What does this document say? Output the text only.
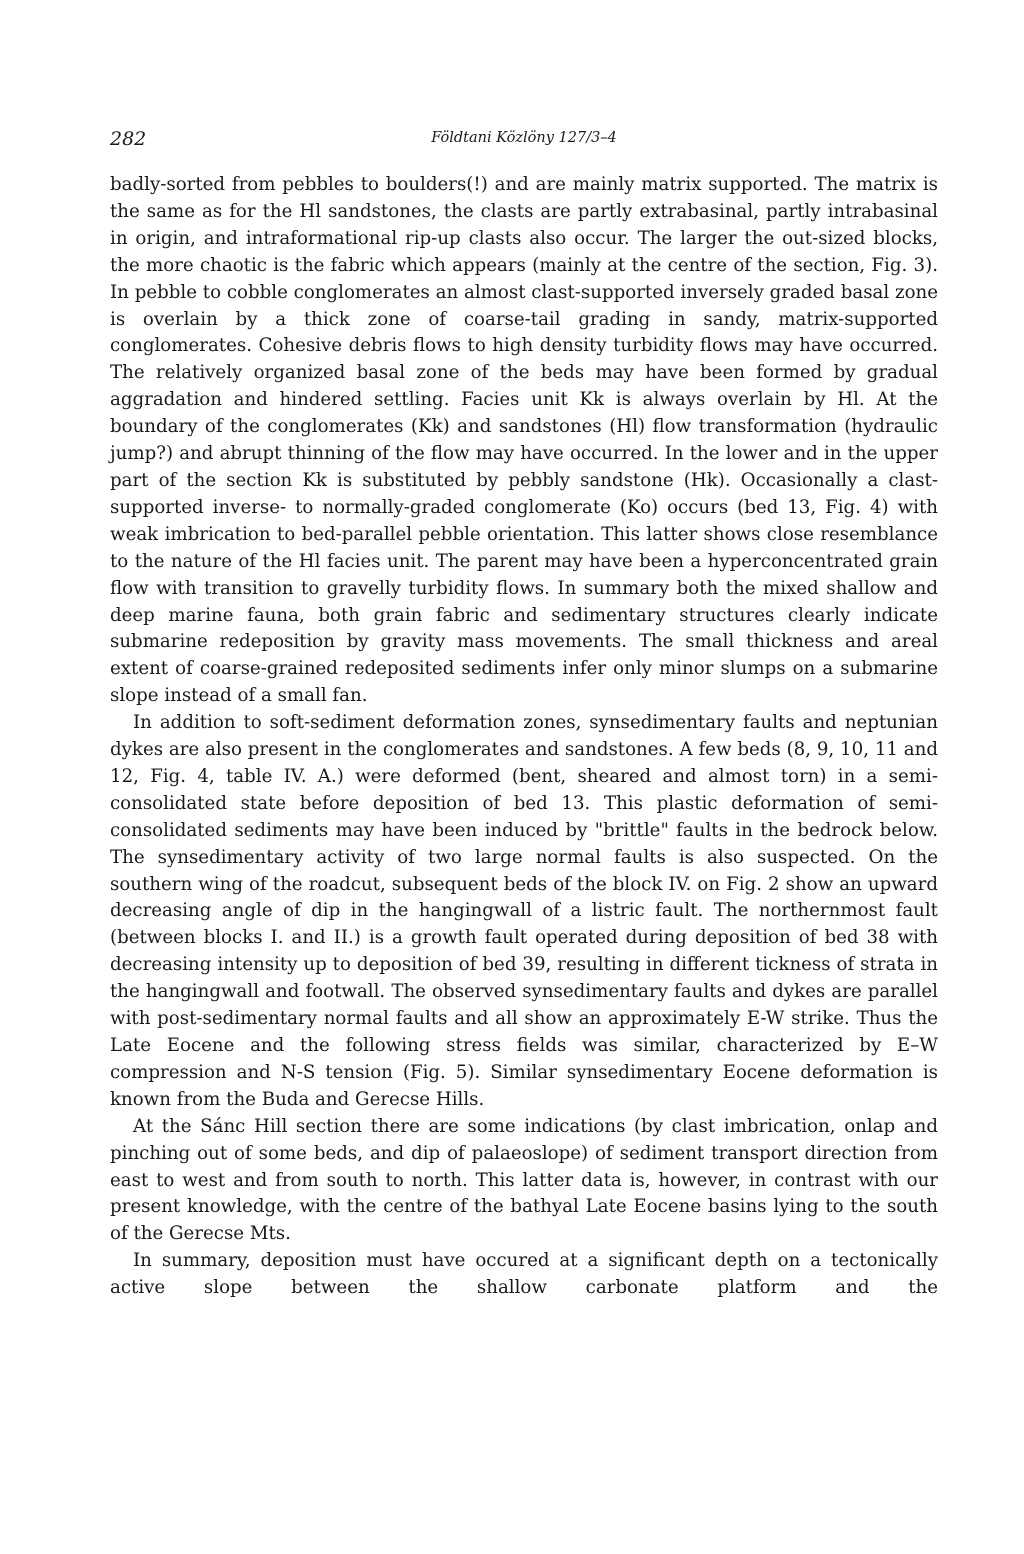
282	Földtani Közlöny 127/3–4

badly-sorted from pebbles to boulders(!) and are mainly matrix supported. The matrix is the same as for the Hl sandstones, the clasts are partly extrabasinal, partly intrabasinal in origin, and intraformational rip-up clasts also occur. The larger the out-sized blocks, the more chaotic is the fabric which appears (mainly at the centre of the section, Fig. 3). In pebble to cobble conglomerates an almost clast-supported inversely graded basal zone is overlain by a thick zone of coarse-tail grading in sandy, matrix-supported conglomerates. Cohesive debris flows to high density turbidity flows may have occurred. The relatively organized basal zone of the beds may have been formed by gradual aggradation and hindered settling. Facies unit Kk is always overlain by Hl. At the boundary of the conglomerates (Kk) and sandstones (Hl) flow transformation (hydraulic jump?) and abrupt thinning of the flow may have occurred. In the lower and in the upper part of the section Kk is substituted by pebbly sandstone (Hk). Occasionally a clast-supported inverse- to normally-graded conglomerate (Ko) occurs (bed 13, Fig. 4) with weak imbrication to bed-parallel pebble orientation. This latter shows close resemblance to the nature of the Hl facies unit. The parent may have been a hyperconcentrated grain flow with transition to gravelly turbidity flows. In summary both the mixed shallow and deep marine fauna, both grain fabric and sedimentary structures clearly indicate submarine redeposition by gravity mass movements. The small thickness and areal extent of coarse-grained redeposited sediments infer only minor slumps on a submarine slope instead of a small fan.

In addition to soft-sediment deformation zones, synsedimentary faults and neptunian dykes are also present in the conglomerates and sandstones. A few beds (8, 9, 10, 11 and 12, Fig. 4, table IV. A.) were deformed (bent, sheared and almost torn) in a semi-consolidated state before deposition of bed 13. This plastic deformation of semi-consolidated sediments may have been induced by "brittle" faults in the bedrock below. The synsedimentary activity of two large normal faults is also suspected. On the southern wing of the roadcut, subsequent beds of the block IV. on Fig. 2 show an upward decreasing angle of dip in the hangingwall of a listric fault. The northernmost fault (between blocks I. and II.) is a growth fault operated during deposition of bed 38 with decreasing intensity up to deposition of bed 39, resulting in different tickness of strata in the hangingwall and footwall. The observed synsedimentary faults and dykes are parallel with post-sedimentary normal faults and all show an approximately E-W strike. Thus the Late Eocene and the following stress fields was similar, characterized by E–W compression and N-S tension (Fig. 5). Similar synsedimentary Eocene deformation is known from the Buda and Gerecse Hills.

At the Sánc Hill section there are some indications (by clast imbrication, onlap and pinching out of some beds, and dip of palaeoslope) of sediment transport direction from east to west and from south to north. This latter data is, however, in contrast with our present knowledge, with the centre of the bathyal Late Eocene basins lying to the south of the Gerecse Mts.

In summary, deposition must have occured at a significant depth on a tectonically active slope between the shallow carbonate platform and the
